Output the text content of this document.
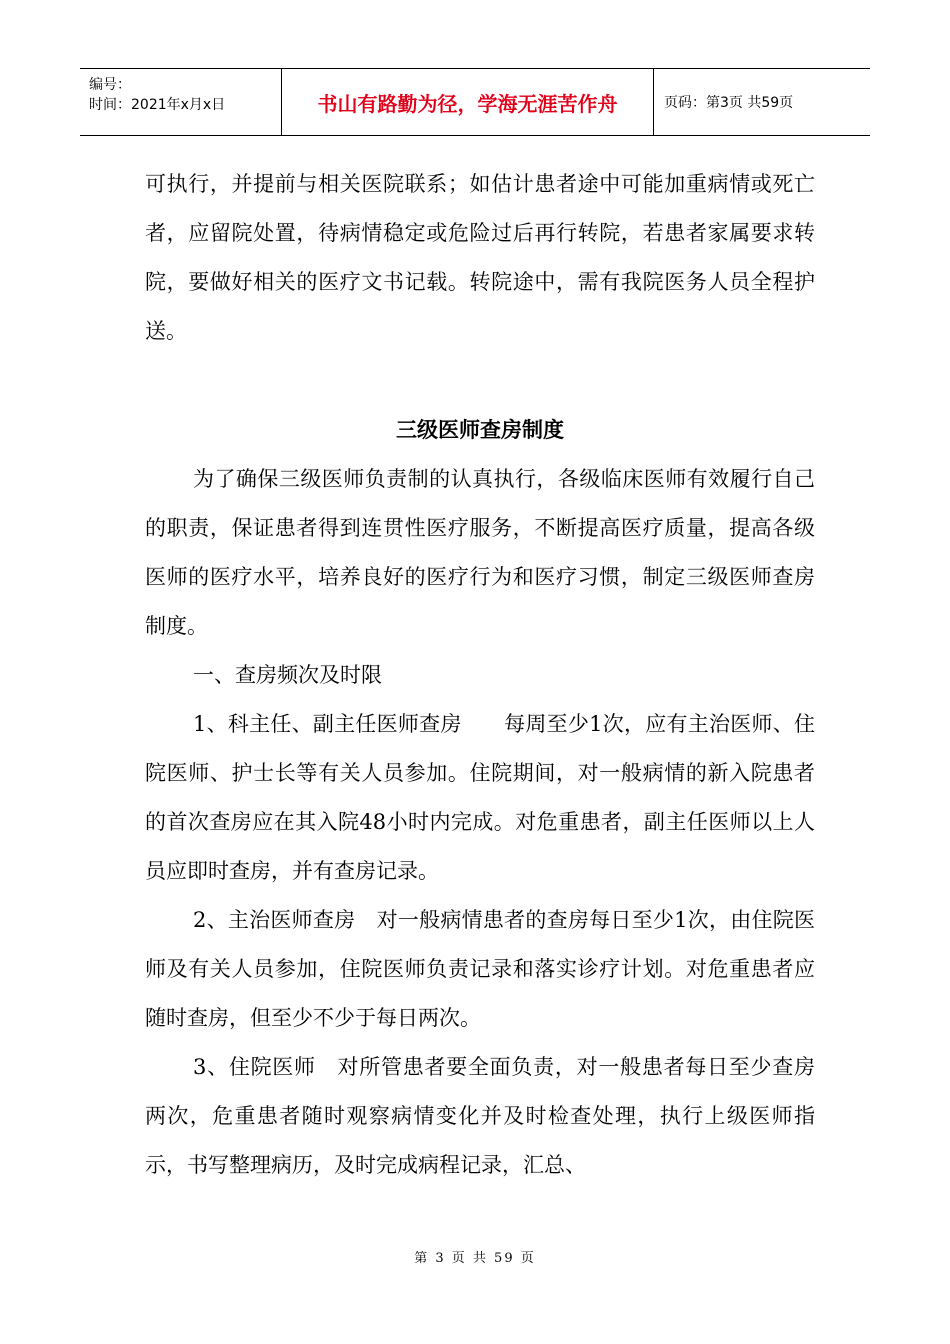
编号：
时间：2021年x月x日	书山有路勤为径，学海无涯苦作舟	页码：第3页 共59页

可执行，并提前与相关医院联系；如估计患者途中可能加重病情或死亡者，应留院处置，待病情稳定或危险过后再行转院，若患者家属要求转院，要做好相关的医疗文书记载。转院途中，需有我院医务人员全程护送。

三级医师查房制度

为了确保三级医师负责制的认真执行，各级临床医师有效履行自己的职责，保证患者得到连贯性医疗服务，不断提高医疗质量，提高各级医师的医疗水平，培养良好的医疗行为和医疗习惯，制定三级医师查房制度。

一、查房频次及时限

1、科主任、副主任医师查房　　每周至少1次，应有主治医师、住院医师、护士长等有关人员参加。住院期间，对一般病情的新入院患者的首次查房应在其入院48小时内完成。对危重患者，副主任医师以上人员应即时查房，并有查房记录。

2、主治医师查房　对一般病情患者的查房每日至少1次，由住院医师及有关人员参加，住院医师负责记录和落实诊疗计划。对危重患者应随时查房，但至少不少于每日两次。

3、住院医师　对所管患者要全面负责，对一般患者每日至少查房两次，危重患者随时观察病情变化并及时检查处理，执行上级医师指示，书写整理病历，及时完成病程记录，汇总、

第 3 页 共 59 页
